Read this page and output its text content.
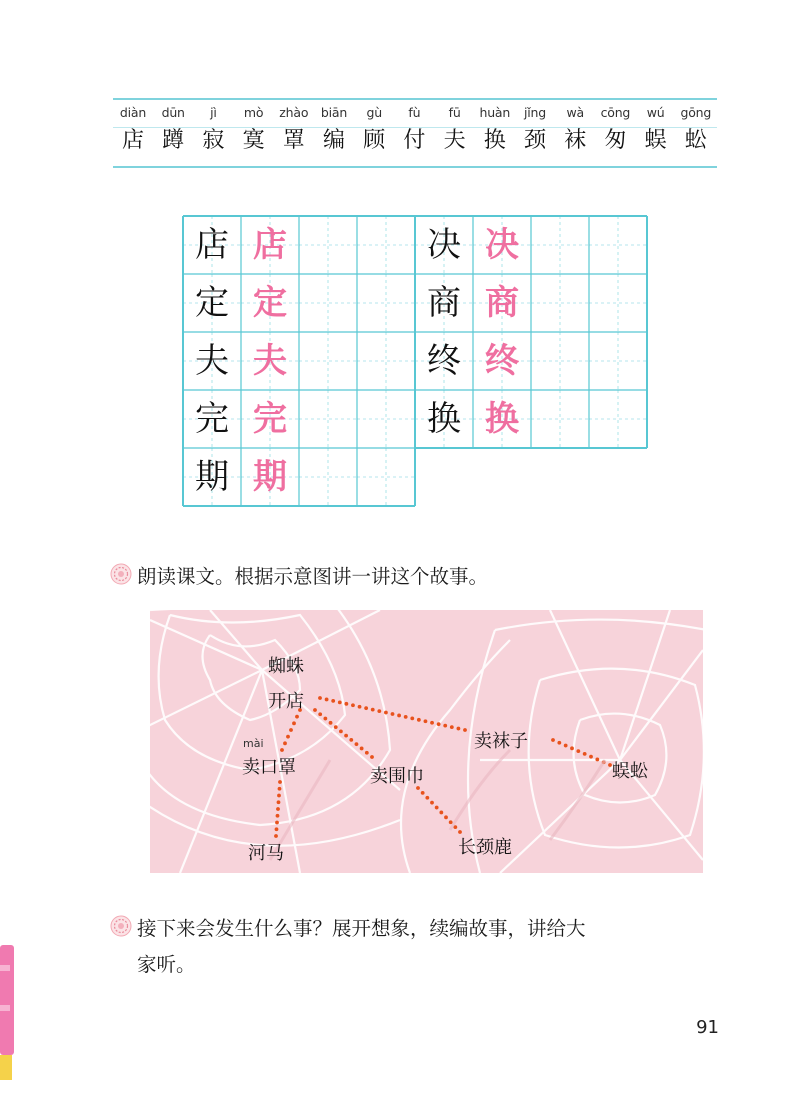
diàn
店
dūn
蹲
jì
寂
mò
寞
zhào
罩
biān
编
gù
顾
fù
付
fū
夫
huàn
换
jǐng
颈
wà
袜
cōng
匆
wú
蜈
gōng
蚣
店 店
定 定
夫 夫
完 完
期 期
决 决
商 商
终 终
换 换
朗读课文。根据示意图讲一讲这个故事。
蜘蛛
开店
mài
卖口罩	卖围巾
卖袜子
河马	长颈鹿
蜈蚣
接下来会发生什么事？展开想象，续编故事，讲给大
家听。
91
